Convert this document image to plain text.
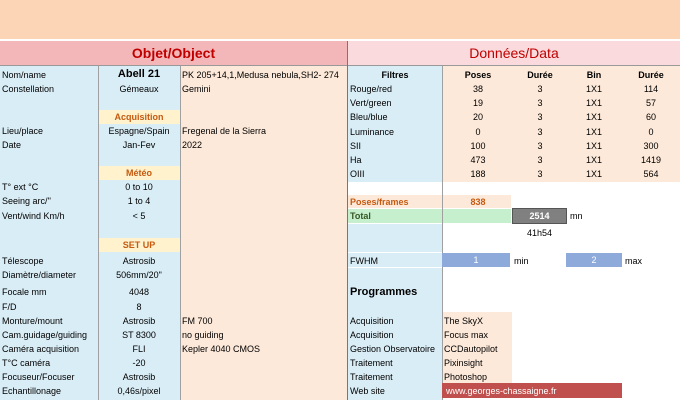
Objet/Object	Données/Data
Nom/name	Abell 21	PK 205+14,1,Medusa nebula,SH2- 274
Constellation	Gémeaux	Gemini
Acquisition
Lieu/place	Espagne/Spain	Fregenal de la Sierra
Date	Jan-Fev	2022
Météo
T° ext °C	0 to 10
Seeing arc/''	1 to 4
Vent/wind Km/h	< 5
SET UP
Télescope	Astrosib
Diamètre/diameter	506mm/20"
Focale mm	4048
F/D	8
Monture/mount	Astrosib	FM 700
Cam.guidage/guiding	ST 8300	no guiding
Caméra acquisition	FLI	Kepler 4040 CMOS
T°C caméra	-20
Focuseur/Focuser	Astrosib
Echantillonage	0,46s/pixel
Filtres	Poses	Durée	Bin	Durée
Rouge/red	38	3	1X1	114
Vert/green	19	3	1X1	57
Bleu/blue	20	3	1X1	60
Luminance	0	3	1X1	0
SII	100	3	1X1	300
Ha	473	3	1X1	1419
OIII	188	3	1X1	564
Poses/frames	838
Total	2514	mn
41h54
FWHM	1	min	2	max
Programmes
Acquisition	The SkyX
Acquisition	Focus max
Gestion Observatoire CCDautopilot
Traitement	Pixinsight
Traitement	Photoshop
Web site	www.georges-chassaigne.fr
